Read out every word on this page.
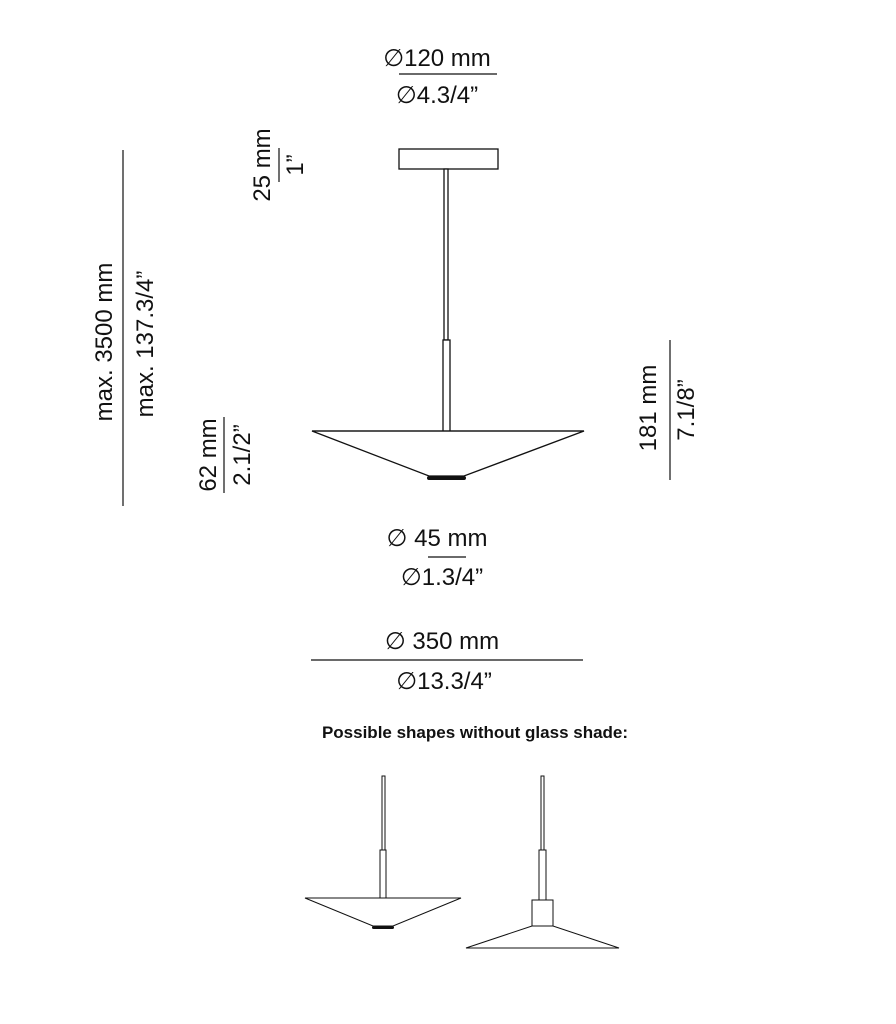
∅120 mm
∅4.3/4”
25 mm 1”
max. 3500 mm max. 137.3/4”	181 mm 7.1/8”
62 mm 2.1/2”
∅ 45 mm
∅1.3/4”
∅ 350 mm
∅13.3/4”
Possible shapes without glass shade:
